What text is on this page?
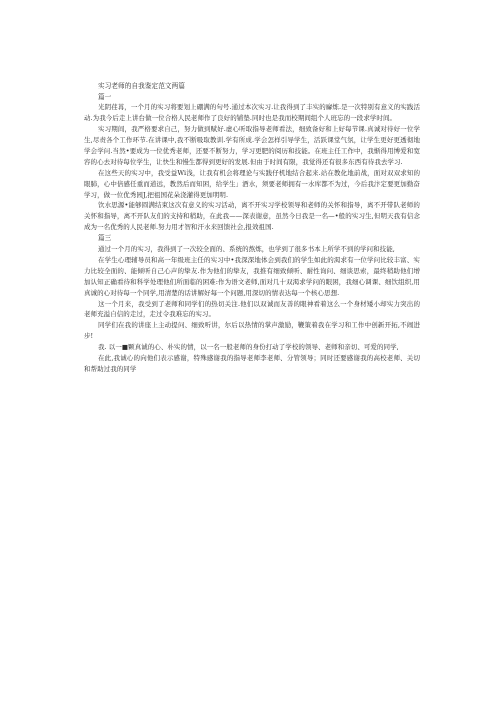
实习老师的自我鉴定范文两篇

篇一

光阴荏苒，一个月的实习将要划上硼满的句号.通过本次实习.让我得到了丰实的廨炼.是一次特别有意义的实践活动.为我今后走上讲台做一位合格人民老师作了良好的铺垫.同时也是我而校期间组个人班忘的一段求学时间。

实习期间，我严格要求自己，努力做到赋好.虚心听取指导老师看法，细致备好和上好每节课.真诚对待好一位学生,尽责各个工作环节.在讲课中,我不断吸取教训.学有所成.学会怎样引导学生，活跃课堂气氛，让学生更好更透彻地学会学问.当然•要成为一位优秀老师，还要不断努力，学习更肥的阅历和技能。在班主任工作中，我惭得用博爱和宽容的心去对待每位学生，让快生和慢生都得到更好的发展.但由于时间有限，我觉得还有很多东西有待我去学习.

在这些天的实习中，我受益Wi浅，让我有机会将理论与实践仔机地结合起来.站在教化地前战，面对双双求知的眼肺，心中倍感任重而道远，教然后而知困，给学生」酒水，须要老师拥有一水库都不为过，今后我汴定要更加勤奋学习，做一位优秀园J,把祖国花朵浇灌得更加明明.

饮水思源•能够圆满结束这次有意义的实习活动，离不开实习学校领导和老师的关怀和指导，离不开带队老师的关怀和指导，离不开队友们的支持和稍助，在此我——深表谢意，虽然今日我是一名—•般的实习生,但明天我有信念成为一名优秀的人民老师.努力用才智和汗水来回馈社会,报效祖国.

篇三

通过一个月的实习，我得到了一次较全面的、系统的熬炼，也学到了很多书本上所学不到的学问和技能,

在学生心理辅导员和高一年级班主任的实习中•我深深地体会到我们的学生如此的渴求有一位学问比较丰富、实力比较全面的、能倾听自己心声的挚友.作为他们的挚友，我推有细致倾听、耐性询问、细谈思索，最终稍助他们增加认知正确看待和科学处理他们所面临的困难:作为语文老师,面对几十双渴求学问的眼困，我细心调课、细饮组织,用真诚的心对待每一个同学,用清楚的话讲解好每一个问题,用深切的情表达每一个核心思想.

这一个月来，我受到了老师和同学们的热切关注.他们以双诚而友善的眼神看着这么一个身材矮小却实力突出的老师充溢自信的走过，走过令我难忘的实习。

同学们在我的讲座上主动提问、细致听讲，尔后以热情的掌声激励，鞭策着我在学习和工作中创新开拓,不闹进步!

我. 以一■颗真诚的心、朴实的情，以一名一般老师的身份打动了学校的领导、老师和亲切、可爱的同学,

在此,我诚心的向他们表示感谢，特殊感谢我的指导老师李老师、分管领导；同时还要感谢我的高校老师、关切和帮助过我的同学
